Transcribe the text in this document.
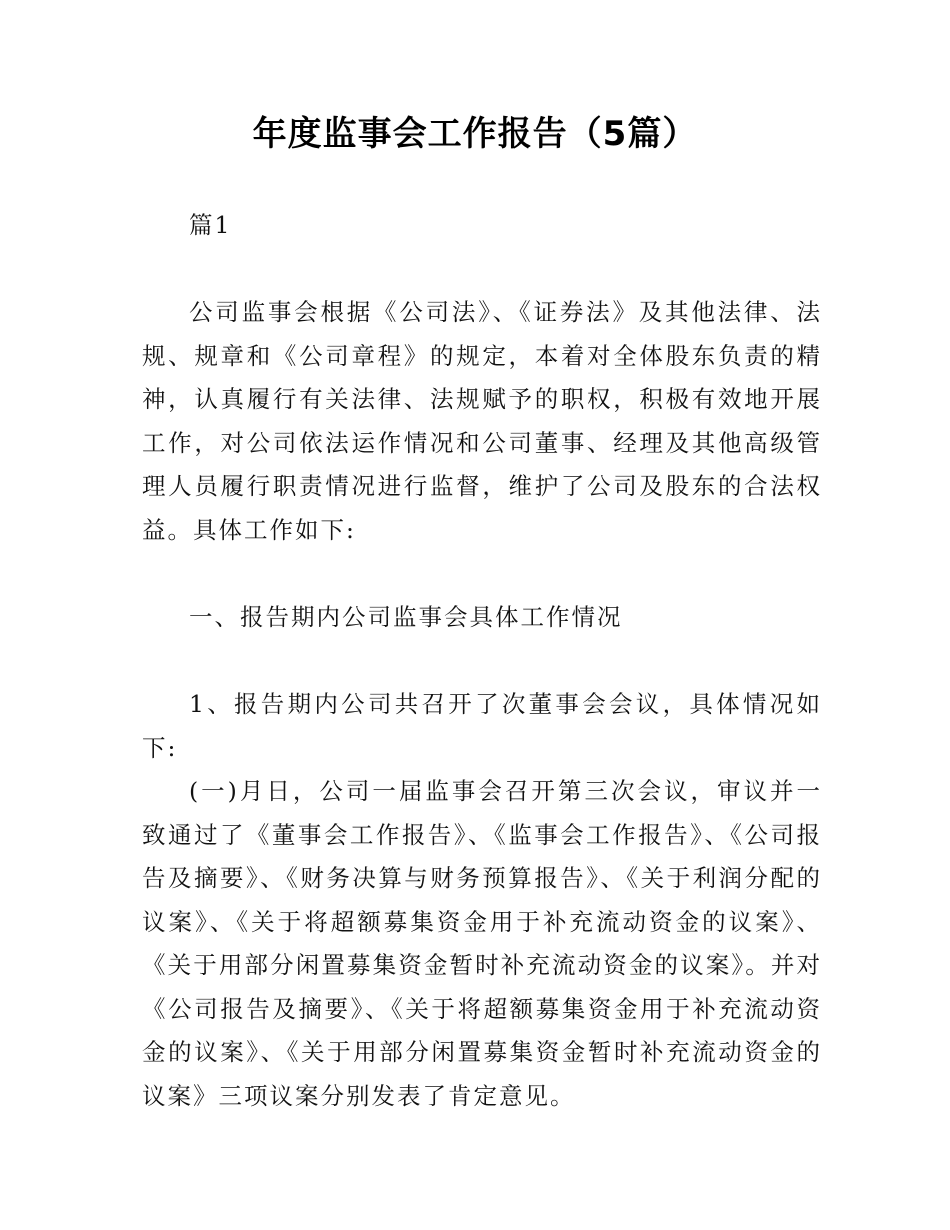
年度监事会工作报告（5篇）

篇1

公司监事会根据《公司法》、《证券法》及其他法律、法规、规章和《公司章程》的规定，本着对全体股东负责的精神，认真履行有关法律、法规赋予的职权，积极有效地开展工作，对公司依法运作情况和公司董事、经理及其他高级管理人员履行职责情况进行监督，维护了公司及股东的合法权益。具体工作如下:

一、报告期内公司监事会具体工作情况

1、报告期内公司共召开了次董事会会议，具体情况如下:

(一)月日，公司一届监事会召开第三次会议，审议并一致通过了《董事会工作报告》、《监事会工作报告》、《公司报告及摘要》、《财务决算与财务预算报告》、《关于利润分配的议案》、《关于将超额募集资金用于补充流动资金的议案》、《关于用部分闲置募集资金暂时补充流动资金的议案》。并对《公司报告及摘要》、《关于将超额募集资金用于补充流动资金的议案》、《关于用部分闲置募集资金暂时补充流动资金的议案》三项议案分别发表了肯定意见。
